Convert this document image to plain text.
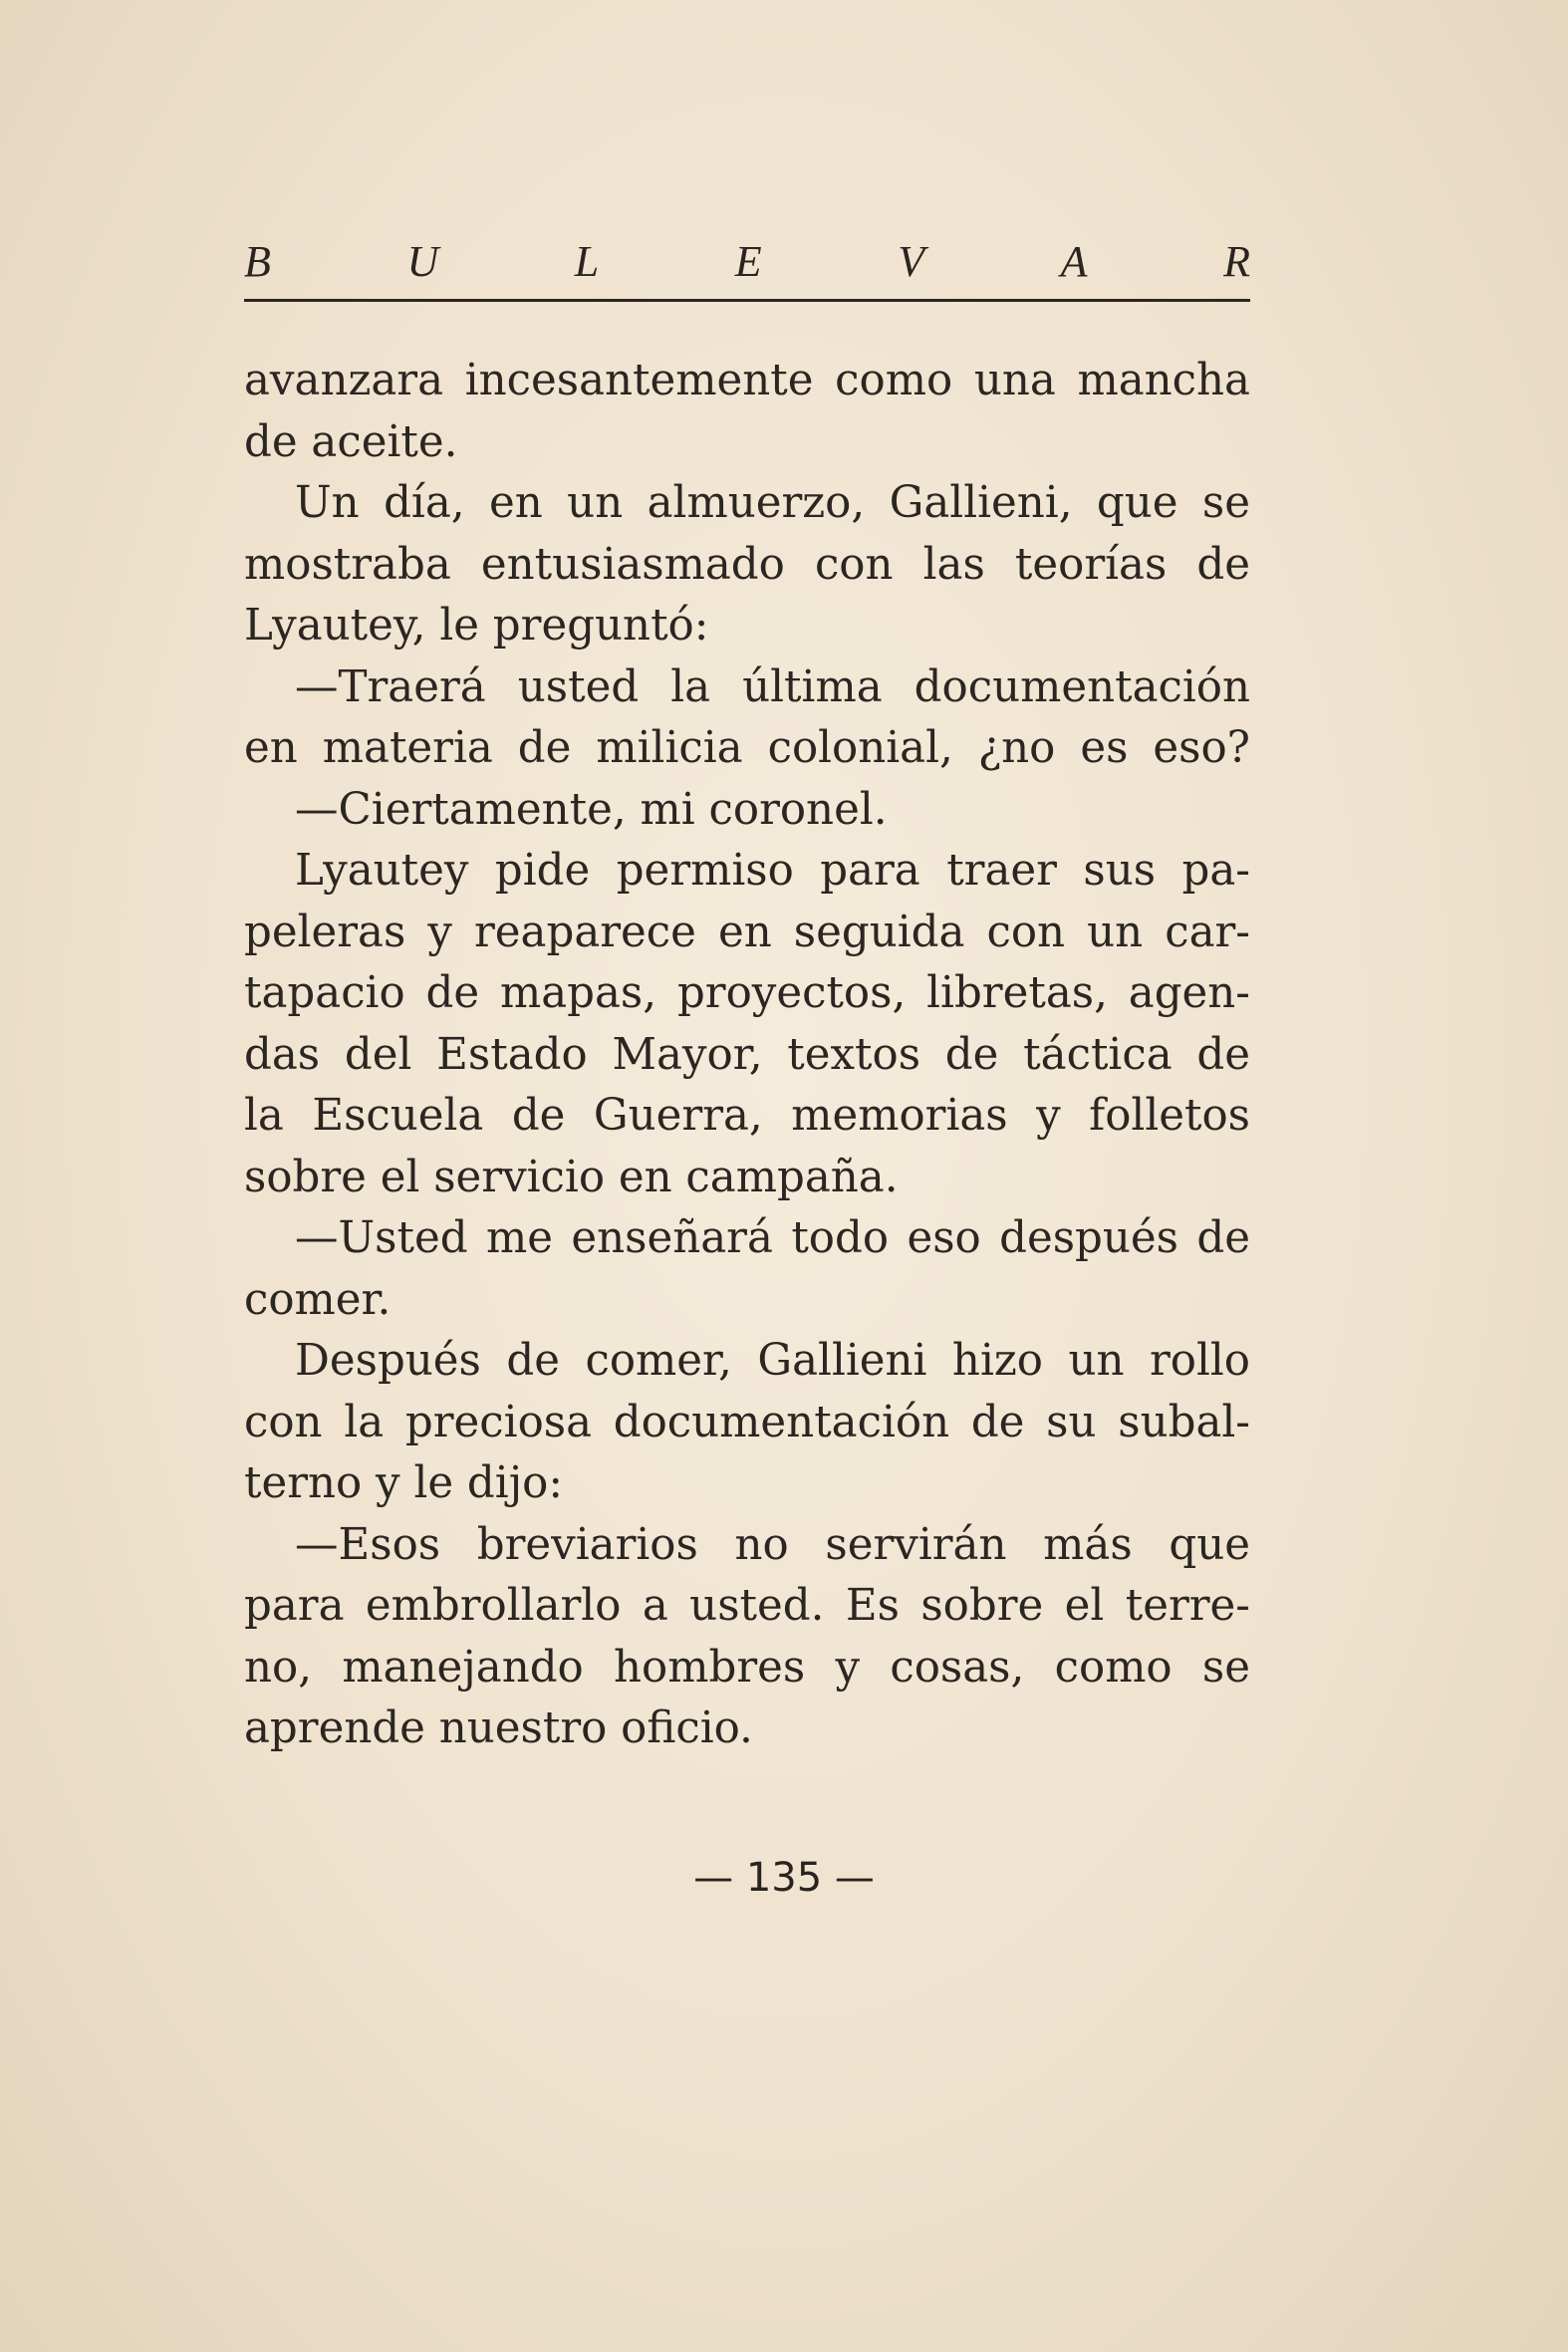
B	U	L	E	V	A	R
avanzara incesantemente como una mancha
de aceite.
Un día, en un almuerzo, Gallieni, que se
mostraba entusiasmado con las teorías de
Lyautey, le preguntó:
—Traerá usted la última documentación
en materia de milicia colonial, ¿no es eso?
—Ciertamente, mi coronel.
Lyautey pide permiso para traer sus pa-
peleras y reaparece en seguida con un car-
tapacio de mapas, proyectos, libretas, agen-
das del Estado Mayor, textos de táctica de
la Escuela de Guerra, memorias y folletos
sobre el servicio en campaña.
—Usted me enseñará todo eso después de
comer.
Después de comer, Gallieni hizo un rollo
con la preciosa documentación de su subal-
terno y le dijo:
—Esos breviarios no servirán más que
para embrollarlo a usted. Es sobre el terre-
no, manejando hombres y cosas, como se
aprende nuestro oficio.
— 135 —
